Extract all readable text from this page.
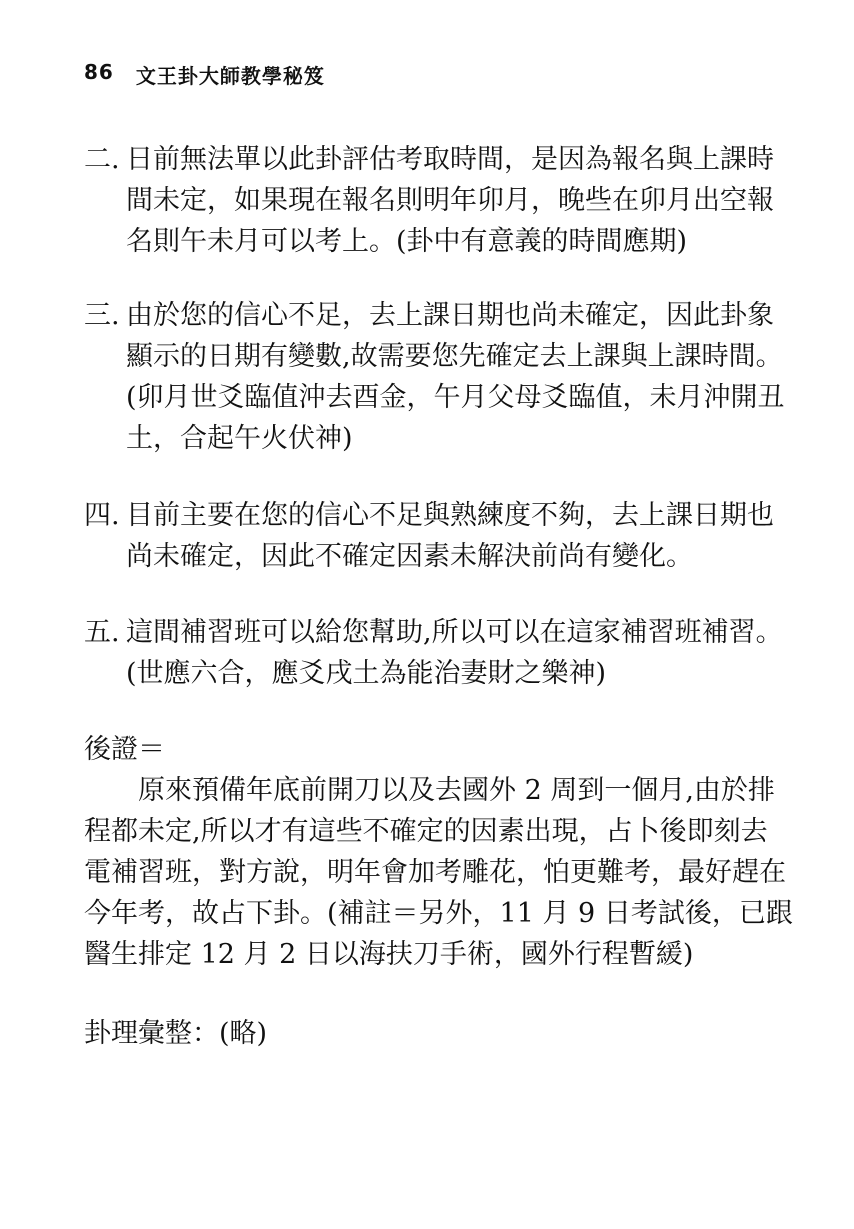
86 文王卦大師教學秘笈
二. 日前無法單以此卦評估考取時間，是因為報名與上課時
間未定，如果現在報名則明年卯月，晚些在卯月出空報
名則午未月可以考上。(卦中有意義的時間應期)
三. 由於您的信心不足，去上課日期也尚未確定，因此卦象
顯示的日期有變數,故需要您先確定去上課與上課時間。
(卯月世爻臨值沖去酉金，午月父母爻臨值，未月沖開丑
土，合起午火伏神)
四. 目前主要在您的信心不足與熟練度不夠，去上課日期也
尚未確定，因此不確定因素未解決前尚有變化。
五. 這間補習班可以給您幫助,所以可以在這家補習班補習。
(世應六合，應爻戌土為能治妻財之樂神)
後證＝
　　原來預備年底前開刀以及去國外 2 周到一個月,由於排
程都未定,所以才有這些不確定的因素出現，占卜後即刻去
電補習班，對方說，明年會加考雕花，怕更難考，最好趕在
今年考，故占下卦。(補註＝另外，11 月 9 日考試後，已跟
醫生排定 12 月 2 日以海扶刀手術，國外行程暫緩)
卦理彙整：(略)
